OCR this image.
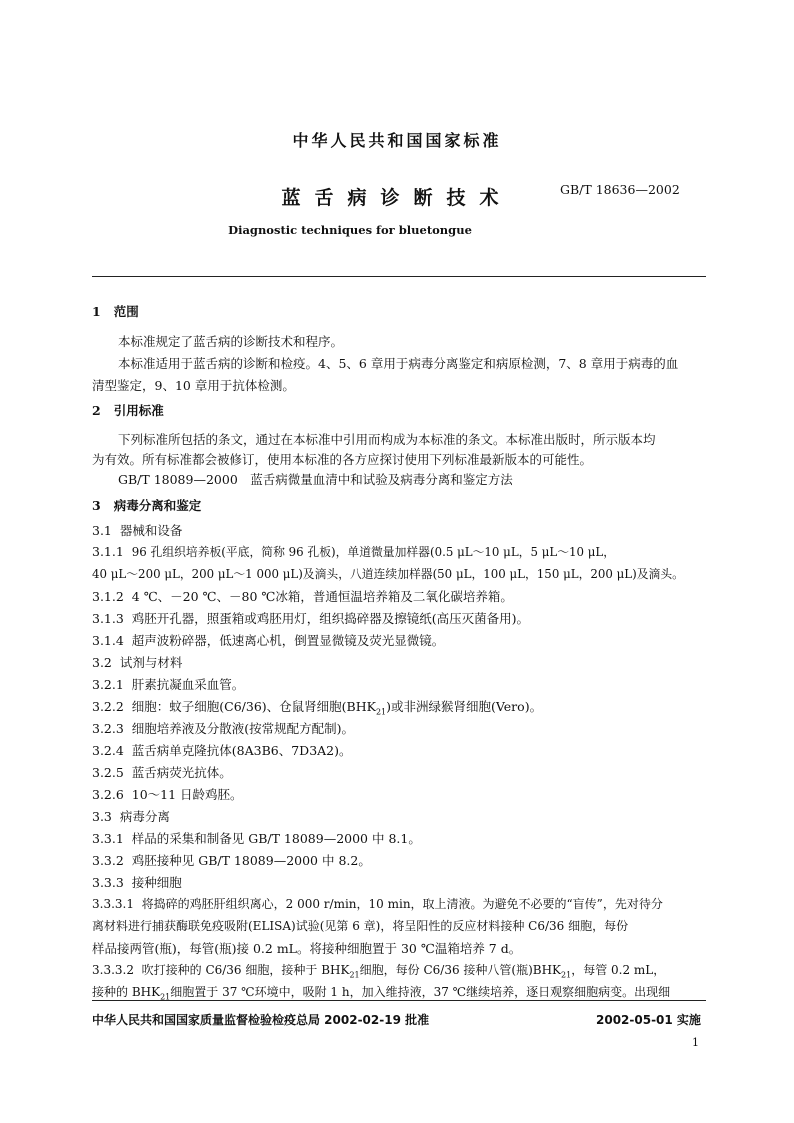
中华人民共和国国家标准
蓝舌病诊断技术	GB/T 18636—2002
Diagnostic techniques for bluetongue
1 范围
本标准规定了蓝舌病的诊断技术和程序。
本标准适用于蓝舌病的诊断和检疫。4、5、6 章用于病毒分离鉴定和病原检测，7、8 章用于病毒的血
清型鉴定，9、10 章用于抗体检测。
2 引用标准
下列标准所包括的条文，通过在本标准中引用而构成为本标准的条文。本标准出版时，所示版本均
为有效。所有标准都会被修订，使用本标准的各方应探讨使用下列标准最新版本的可能性。
GB/T 18089—2000　蓝舌病微量血清中和试验及病毒分离和鉴定方法
3 病毒分离和鉴定
3.1 器械和设备
3.1.1 96 孔组织培养板(平底，简称 96 孔板)，单道微量加样器(0.5 μL～10 μL，5 μL～10 μL，
40 μL～200 μL，200 μL～1 000 μL)及滴头，八道连续加样器(50 μL，100 μL，150 μL，200 μL)及滴头。
3.1.2 4 ℃、－20 ℃、－80 ℃冰箱，普通恒温培养箱及二氧化碳培养箱。
3.1.3 鸡胚开孔器，照蛋箱或鸡胚用灯，组织捣碎器及擦镜纸(高压灭菌备用)。
3.1.4 超声波粉碎器，低速离心机，倒置显微镜及荧光显微镜。
3.2 试剂与材料
3.2.1 肝素抗凝血采血管。
3.2.2 细胞：蚊子细胞(C6/36)、仓鼠肾细胞$(BHK_{21})$或非洲绿猴肾细胞(Vero)。
3.2.3 细胞培养液及分散液(按常规配方配制)。
3.2.4 蓝舌病单克隆抗体(8A3B6、7D3A2)。
3.2.5 蓝舌病荧光抗体。
3.2.6 10～11 日龄鸡胚。
3.3 病毒分离
3.3.1 样品的采集和制备见 GB/T 18089—2000 中 8.1。
3.3.2 鸡胚接种见 GB/T 18089—2000 中 8.2。
3.3.3 接种细胞
3.3.3.1 将捣碎的鸡胚肝组织离心，2 000 r/min，10 min，取上清液。为避免不必要的“盲传”，先对待分
离材料进行捕获酶联免疫吸附(ELISA)试验(见第 6 章)，将呈阳性的反应材料接种 C6/36 细胞，每份
样品接两管(瓶)，每管(瓶)接 0.2 mL。将接种细胞置于 30 ℃温箱培养 7 d。
3.3.3.2 吹打接种的 C6/36 细胞，接种于 $BHK_{21}$细胞，每份 C6/36 接种八管(瓶)$BHK_{21}$，每管 0.2 mL，
中华人民共和国国家质量监督检验检疫总局 2002-02-19 批准	2002-05-01 实施
1
接种的 $BHK_{21}$细胞置于 37 ℃环境中，吸附 1 h，加入维持液，37 ℃继续培养，逐日观察细胞病变。出现细
